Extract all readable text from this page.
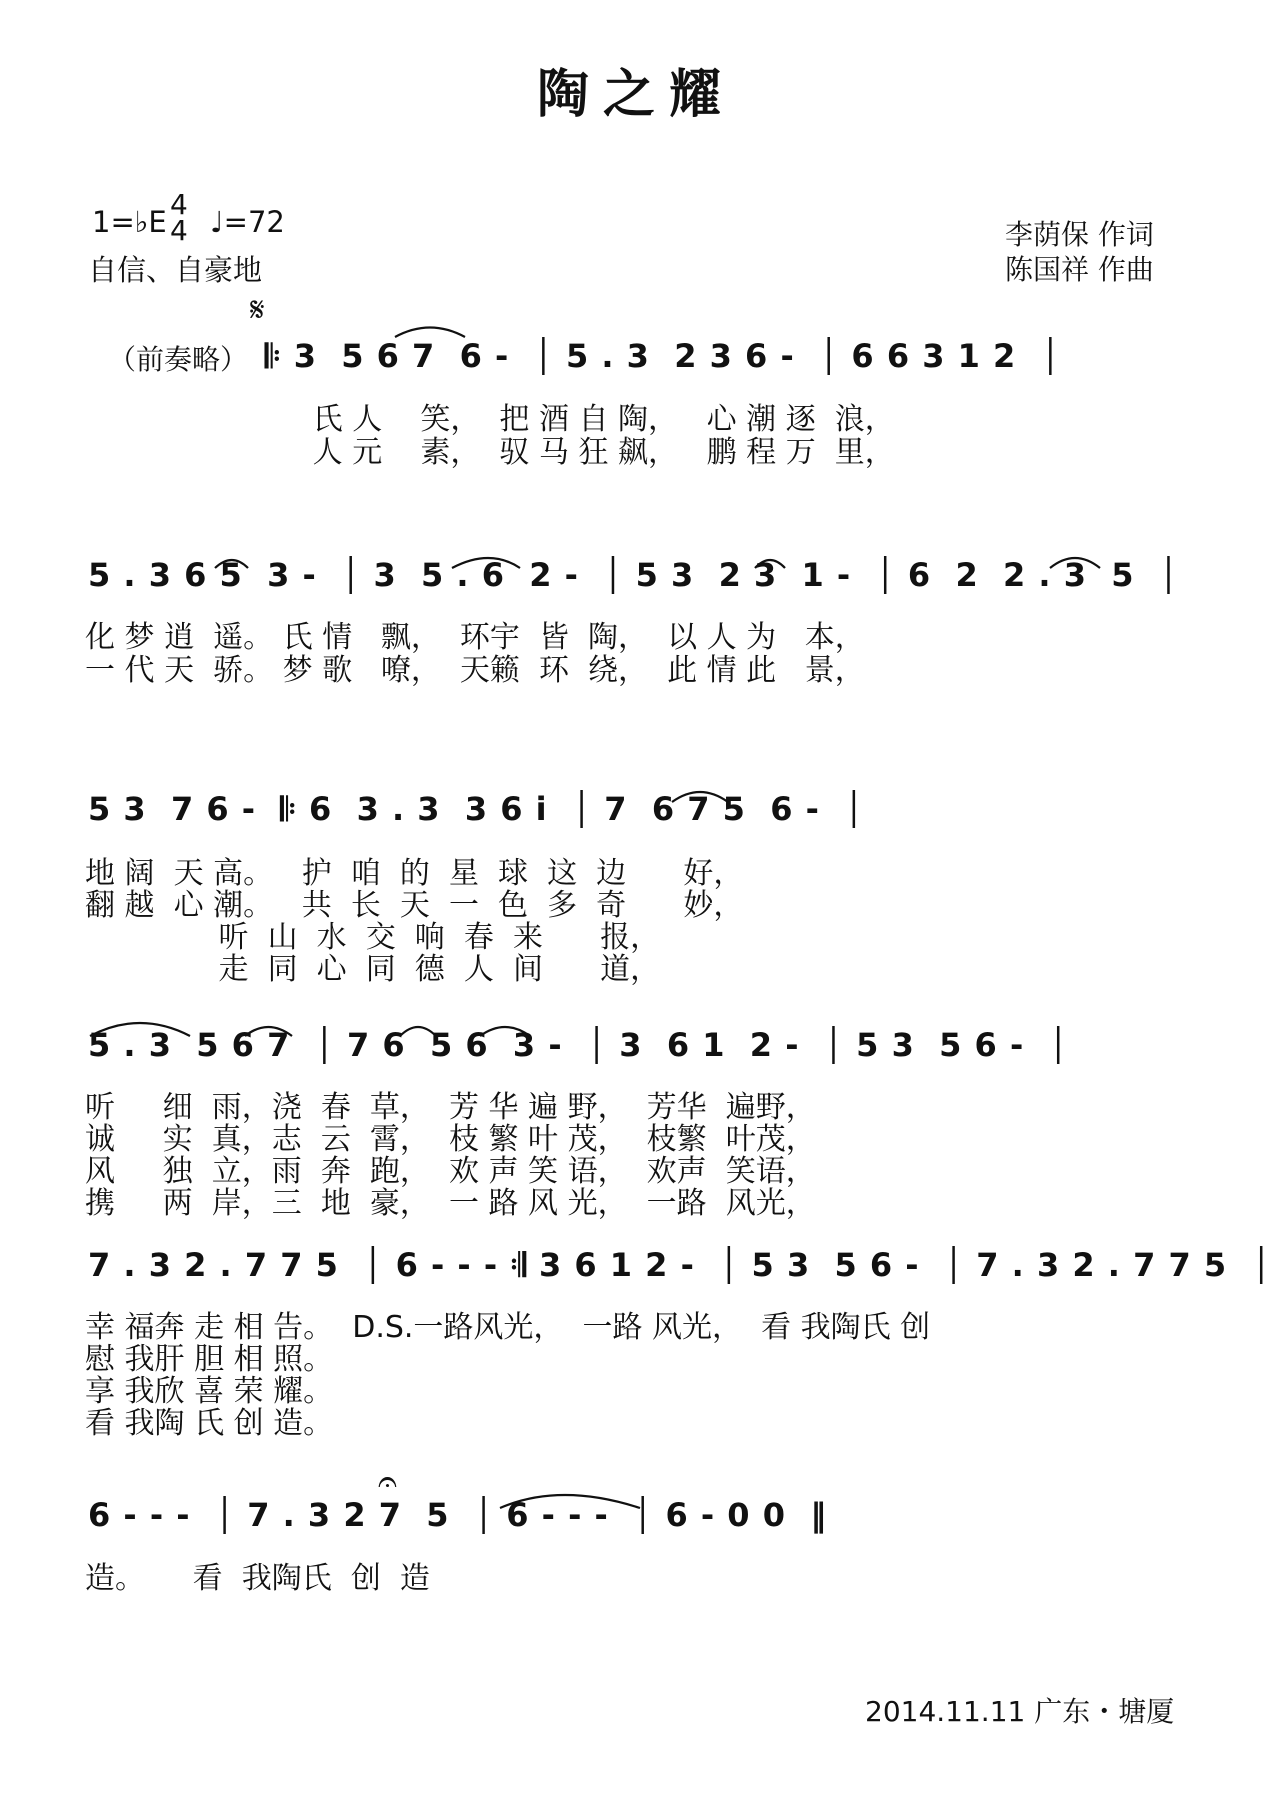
陶之耀
1=♭E
4
4 ♩=72
自信、自豪地
李荫保 作词
陈国祥 作曲
𝄋
（前奏略） 𝄆 3  5 6 7  6 -  │ 5 . 3  2 3 6 -  │ 6 6 3 1 2  │
氏 人    笑，  把 酒 自 陶，   心 潮 逐  浪，
人 元    素，  驭 马 狂 飙，   鹏 程 万  里，
5 . 3 6 5  3 -  │ 3  5 . 6  2 -  │ 5 3  2 3  1 -  │ 6  2  2 . 3  5  │
化 梦 逍  遥。 氏 情   飘，  环宇  皆  陶，  以 人 为   本，
一 代 天  骄。 梦 歌   嘹，  天籁  环  绕，  此 情 此   景，
5 3  7 6 -  𝄆 6  3 . 3  3 6 i  │ 7  6 7 5  6 -  │
地 阔  天 高。   护  咱  的  星  球  这  边      好，
翻 越  心 潮。   共  长  天  一  色  多  奇      妙，
听  山  水  交  响  春  来      报，
走  同  心  同  德  人  间      道，
5 . 3  5 6 7  │ 7 6  5 6  3 -  │ 3  6 1  2 -  │ 5 3  5 6 -  │
听     细  雨，浇  春  草，  芳 华 遍 野，  芳华  遍野，
诚     实  真，志  云  霄，  枝 繁 叶 茂，  枝繁  叶茂，
风     独  立，雨  奔  跑，  欢 声 笑 语，  欢声  笑语，
携     两  岸，三  地  豪，  一 路 风 光，  一路  风光，
7 . 3 2 . 7 7 5  │ 6 - - - 𝄇 3 6 1 2 -  │ 5 3  5 6 -  │ 7 . 3 2 . 7 7 5  │
幸 福奔 走 相 告。  D.S.一路风光，  一路 风光，  看 我陶氏 创
慰 我肝 胆 相 照。
享 我欣 喜 荣 耀。
看 我陶 氏 创 造。
𝄐
6 - - -  │ 7 . 3 2 7  5  │ 6 - - -  │ 6 - 0 0  ‖
造。     看  我陶氏  创  造
2014.11.11 广东・塘厦
